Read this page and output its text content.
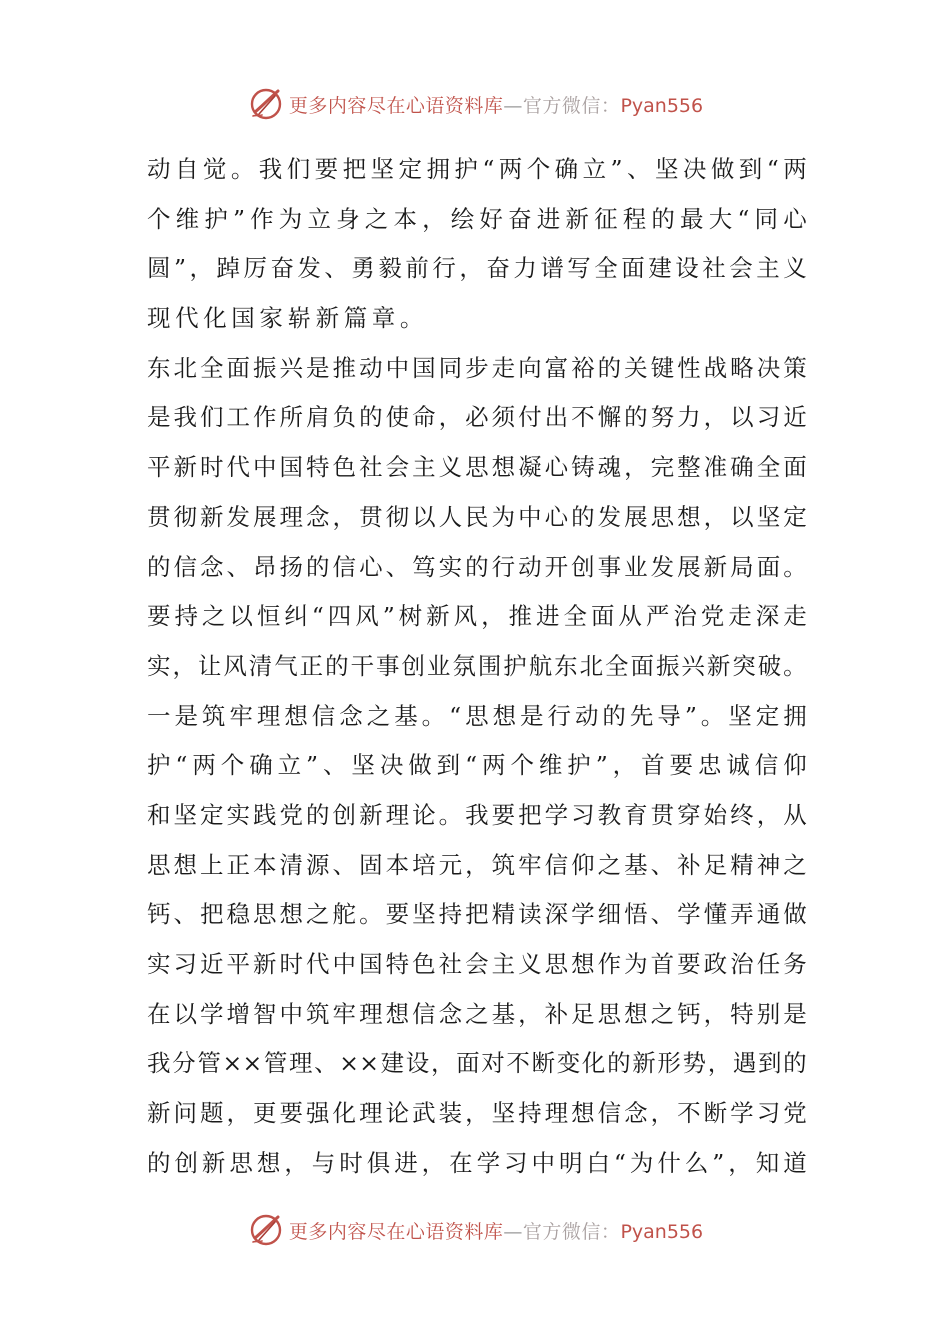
更多内容尽在心语资料库—官方微信：Pyan556
动自觉。我们要把坚定拥护“两个确立”、坚决做到“两
个维护”作为立身之本，绘好奋进新征程的最大“同心
圆”，踔厉奋发、勇毅前行，奋力谱写全面建设社会主义
现代化国家崭新篇章。
东北全面振兴是推动中国同步走向富裕的关键性战略决策
是我们工作所肩负的使命，必须付出不懈的努力，以习近
平新时代中国特色社会主义思想凝心铸魂，完整准确全面
贯彻新发展理念，贯彻以人民为中心的发展思想，以坚定
的信念、昂扬的信心、笃实的行动开创事业发展新局面。
要持之以恒纠“四风”树新风，推进全面从严治党走深走
实，让风清气正的干事创业氛围护航东北全面振兴新突破。
一是筑牢理想信念之基。“思想是行动的先导”。坚定拥
护“两个确立”、坚决做到“两个维护”，首要忠诚信仰
和坚定实践党的创新理论。我要把学习教育贯穿始终，从
思想上正本清源、固本培元，筑牢信仰之基、补足精神之
钙、把稳思想之舵。要坚持把精读深学细悟、学懂弄通做
实习近平新时代中国特色社会主义思想作为首要政治任务
在以学增智中筑牢理想信念之基，补足思想之钙，特别是
我分管××管理、××建设，面对不断变化的新形势，遇到的
新问题，更要强化理论武装，坚持理想信念，不断学习党
的创新思想，与时俱进，在学习中明白“为什么”，知道
更多内容尽在心语资料库—官方微信：Pyan556
